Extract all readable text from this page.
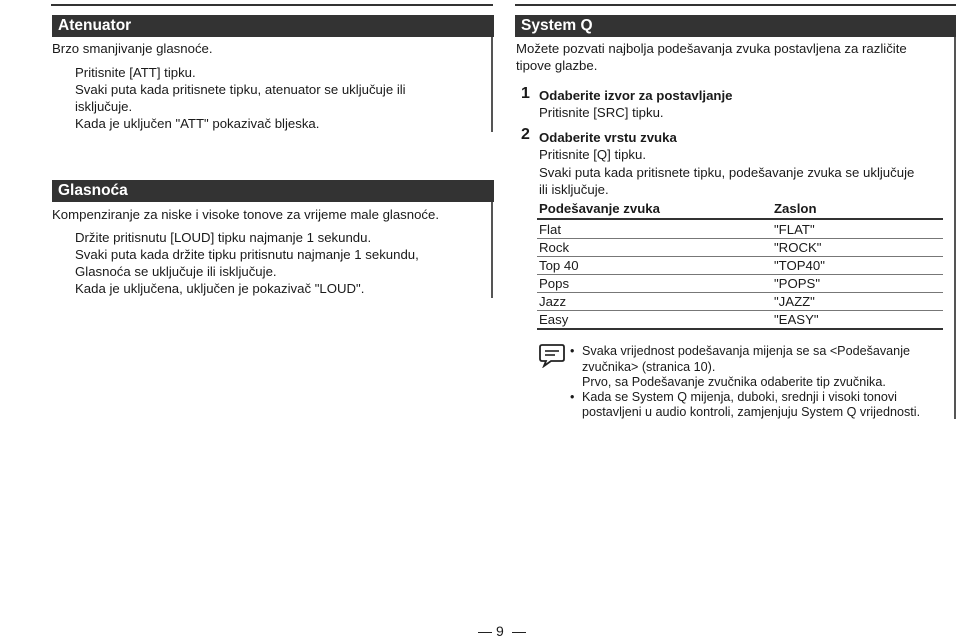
Atenuator
Brzo smanjivanje glasnoće.
Pritisnite [ATT] tipku.
Svaki puta kada pritisnete tipku, atenuator se uključuje ili
isključuje.
Kada je uključen "ATT" pokazivač bljeska.
Glasnoća
Kompenziranje za niske i visoke tonove za vrijeme male glasnoće.
Držite pritisnutu [LOUD] tipku najmanje 1 sekundu.
Svaki puta kada držite tipku pritisnutu najmanje 1 sekundu,
Glasnoća se uključuje ili isključuje.
Kada je uključena, uključen je pokazivač "LOUD".
System Q
Možete pozvati najbolja podešavanja zvuka postavljena za različite
tipove glazbe.
1 Odaberite izvor za postavljanje
Pritisnite [SRC] tipku.
2 Odaberite vrstu zvuka
Pritisnite [Q] tipku.
Svaki puta kada pritisnete tipku, podešavanje zvuka se uključuje
ili isključuje.
Podešavanje zvuka	Zaslon
Flat	"FLAT"
Rock	"ROCK"
Top 40	"TOP40"
Pops	"POPS"
Jazz	"JAZZ"
Easy	"EASY"
• Svaka vrijednost podešavanja mijenja se sa <Podešavanje
zvučnika> (stranica 10).
Prvo, sa Podešavanje zvučnika odaberite tip zvučnika.
• Kada se System Q mijenja, duboki, srednji i visoki tonovi
postavljeni u audio kontroli, zamjenjuju System Q vrijednosti.
9
